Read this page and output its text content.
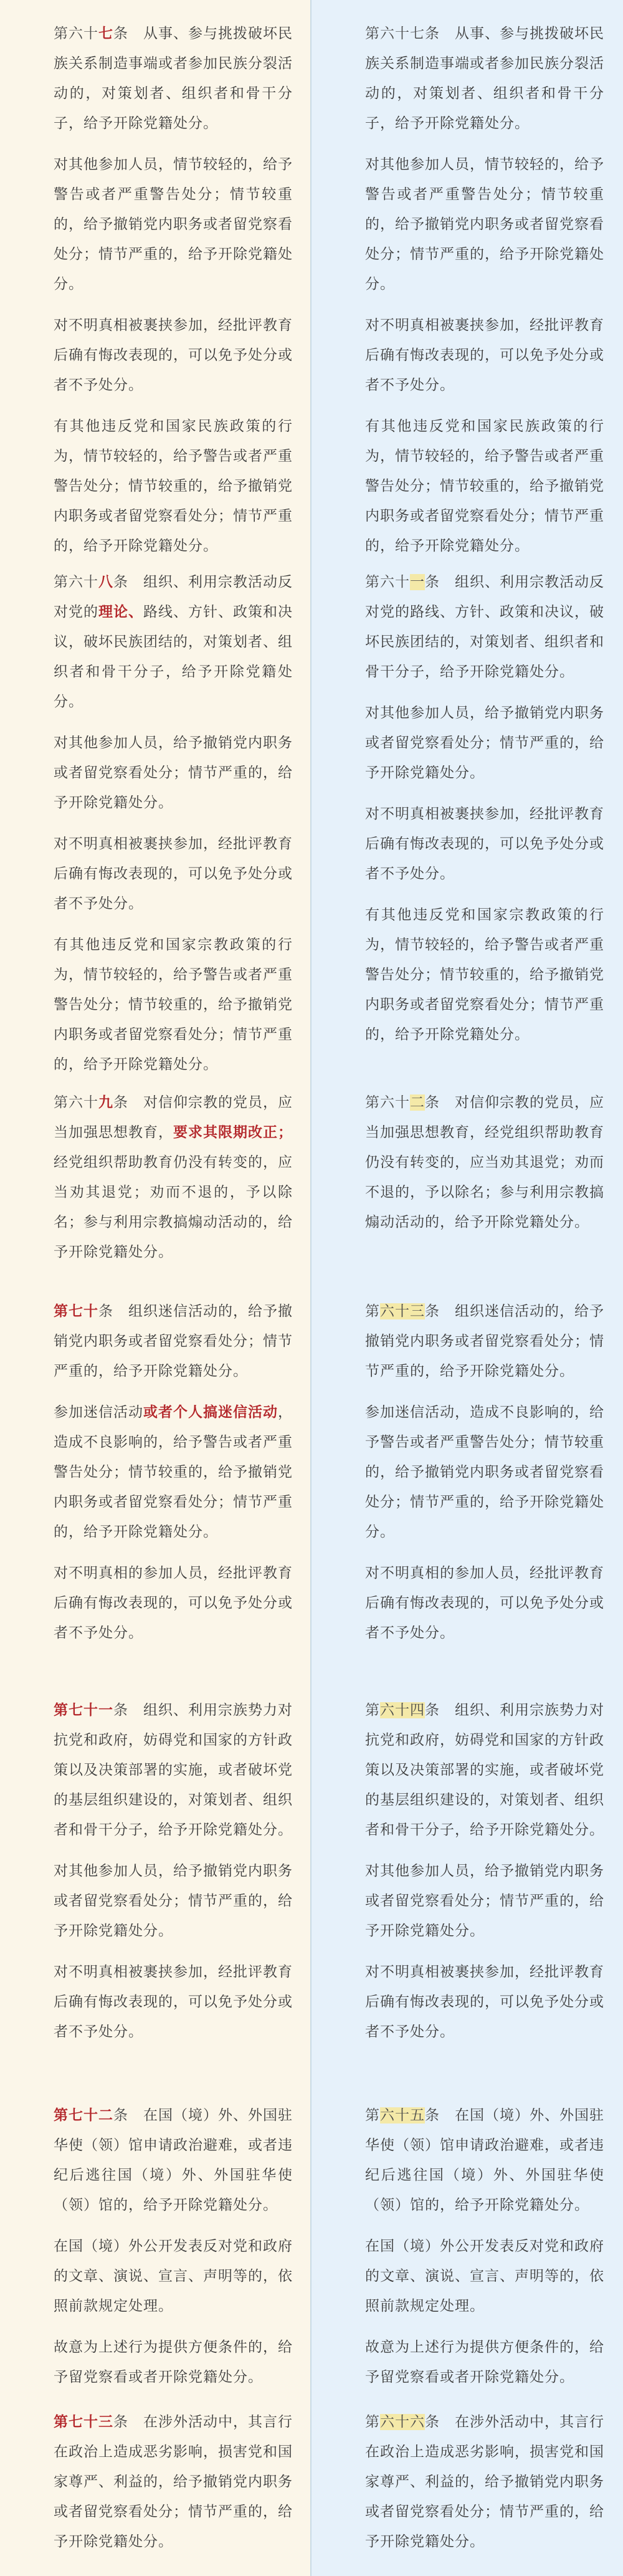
第六十七条 从事、参与挑拨破坏民族关系制造事端或者参加民族分裂活动的，对策划者、组织者和骨干分子，给予开除党籍处分。

对其他参加人员，情节较轻的，给予警告或者严重警告处分；情节较重的，给予撤销党内职务或者留党察看处分；情节严重的，给予开除党籍处分。

对不明真相被裹挟参加，经批评教育后确有悔改表现的，可以免予处分或者不予处分。

有其他违反党和国家民族政策的行为，情节较轻的，给予警告或者严重警告处分；情节较重的，给予撤销党内职务或者留党察看处分；情节严重的，给予开除党籍处分。

第六十八条 组织、利用宗教活动反对党的理论、路线、方针、政策和决议，破坏民族团结的，对策划者、组织者和骨干分子，给予开除党籍处分。

对其他参加人员，给予撤销党内职务或者留党察看处分；情节严重的，给予开除党籍处分。

对不明真相被裹挟参加，经批评教育后确有悔改表现的，可以免予处分或者不予处分。

有其他违反党和国家宗教政策的行为，情节较轻的，给予警告或者严重警告处分；情节较重的，给予撤销党内职务或者留党察看处分；情节严重的，给予开除党籍处分。

第六十九条 对信仰宗教的党员，应当加强思想教育，要求其限期改正；经党组织帮助教育仍没有转变的，应当劝其退党；劝而不退的，予以除名；参与利用宗教搞煽动活动的，给予开除党籍处分。

第七十条 组织迷信活动的，给予撤销党内职务或者留党察看处分；情节严重的，给予开除党籍处分。

参加迷信活动或者个人搞迷信活动，造成不良影响的，给予警告或者严重警告处分；情节较重的，给予撤销党内职务或者留党察看处分；情节严重的，给予开除党籍处分。

对不明真相的参加人员，经批评教育后确有悔改表现的，可以免予处分或者不予处分。

第七十一条 组织、利用宗族势力对抗党和政府，妨碍党和国家的方针政策以及决策部署的实施，或者破坏党的基层组织建设的，对策划者、组织者和骨干分子，给予开除党籍处分。

对其他参加人员，给予撤销党内职务或者留党察看处分；情节严重的，给予开除党籍处分。

对不明真相被裹挟参加，经批评教育后确有悔改表现的，可以免予处分或者不予处分。

第七十二条 在国（境）外、外国驻华使（领）馆申请政治避难，或者违纪后逃往国（境）外、外国驻华使（领）馆的，给予开除党籍处分。

在国（境）外公开发表反对党和政府的文章、演说、宣言、声明等的，依照前款规定处理。

故意为上述行为提供方便条件的，给予留党察看或者开除党籍处分。

第七十三条 在涉外活动中，其言行在政治上造成恶劣影响，损害党和国家尊严、利益的，给予撤销党内职务或者留党察看处分；情节严重的，给予开除党籍处分。

第六十七条 从事、参与挑拨破坏民族关系制造事端或者参加民族分裂活动的，对策划者、组织者和骨干分子，给予开除党籍处分。

对其他参加人员，情节较轻的，给予警告或者严重警告处分；情节较重的，给予撤销党内职务或者留党察看处分；情节严重的，给予开除党籍处分。

对不明真相被裹挟参加，经批评教育后确有悔改表现的，可以免予处分或者不予处分。

有其他违反党和国家民族政策的行为，情节较轻的，给予警告或者严重警告处分；情节较重的，给予撤销党内职务或者留党察看处分；情节严重的，给予开除党籍处分。

第六十一条 组织、利用宗教活动反对党的路线、方针、政策和决议，破坏民族团结的，对策划者、组织者和骨干分子，给予开除党籍处分。

对其他参加人员，给予撤销党内职务或者留党察看处分；情节严重的，给予开除党籍处分。

对不明真相被裹挟参加，经批评教育后确有悔改表现的，可以免予处分或者不予处分。

有其他违反党和国家宗教政策的行为，情节较轻的，给予警告或者严重警告处分；情节较重的，给予撤销党内职务或者留党察看处分；情节严重的，给予开除党籍处分。

第六十二条 对信仰宗教的党员，应当加强思想教育，经党组织帮助教育仍没有转变的，应当劝其退党；劝而不退的，予以除名；参与利用宗教搞煽动活动的，给予开除党籍处分。

第六十三条 组织迷信活动的，给予撤销党内职务或者留党察看处分；情节严重的，给予开除党籍处分。

参加迷信活动，造成不良影响的，给予警告或者严重警告处分；情节较重的，给予撤销党内职务或者留党察看处分；情节严重的，给予开除党籍处分。

对不明真相的参加人员，经批评教育后确有悔改表现的，可以免予处分或者不予处分。

第六十四条 组织、利用宗族势力对抗党和政府，妨碍党和国家的方针政策以及决策部署的实施，或者破坏党的基层组织建设的，对策划者、组织者和骨干分子，给予开除党籍处分。

对其他参加人员，给予撤销党内职务或者留党察看处分；情节严重的，给予开除党籍处分。

对不明真相被裹挟参加，经批评教育后确有悔改表现的，可以免予处分或者不予处分。

第六十五条 在国（境）外、外国驻华使（领）馆申请政治避难，或者违纪后逃往国（境）外、外国驻华使（领）馆的，给予开除党籍处分。

在国（境）外公开发表反对党和政府的文章、演说、宣言、声明等的，依照前款规定处理。

故意为上述行为提供方便条件的，给予留党察看或者开除党籍处分。

第六十六条 在涉外活动中，其言行在政治上造成恶劣影响，损害党和国家尊严、利益的，给予撤销党内职务或者留党察看处分；情节严重的，给予开除党籍处分。
